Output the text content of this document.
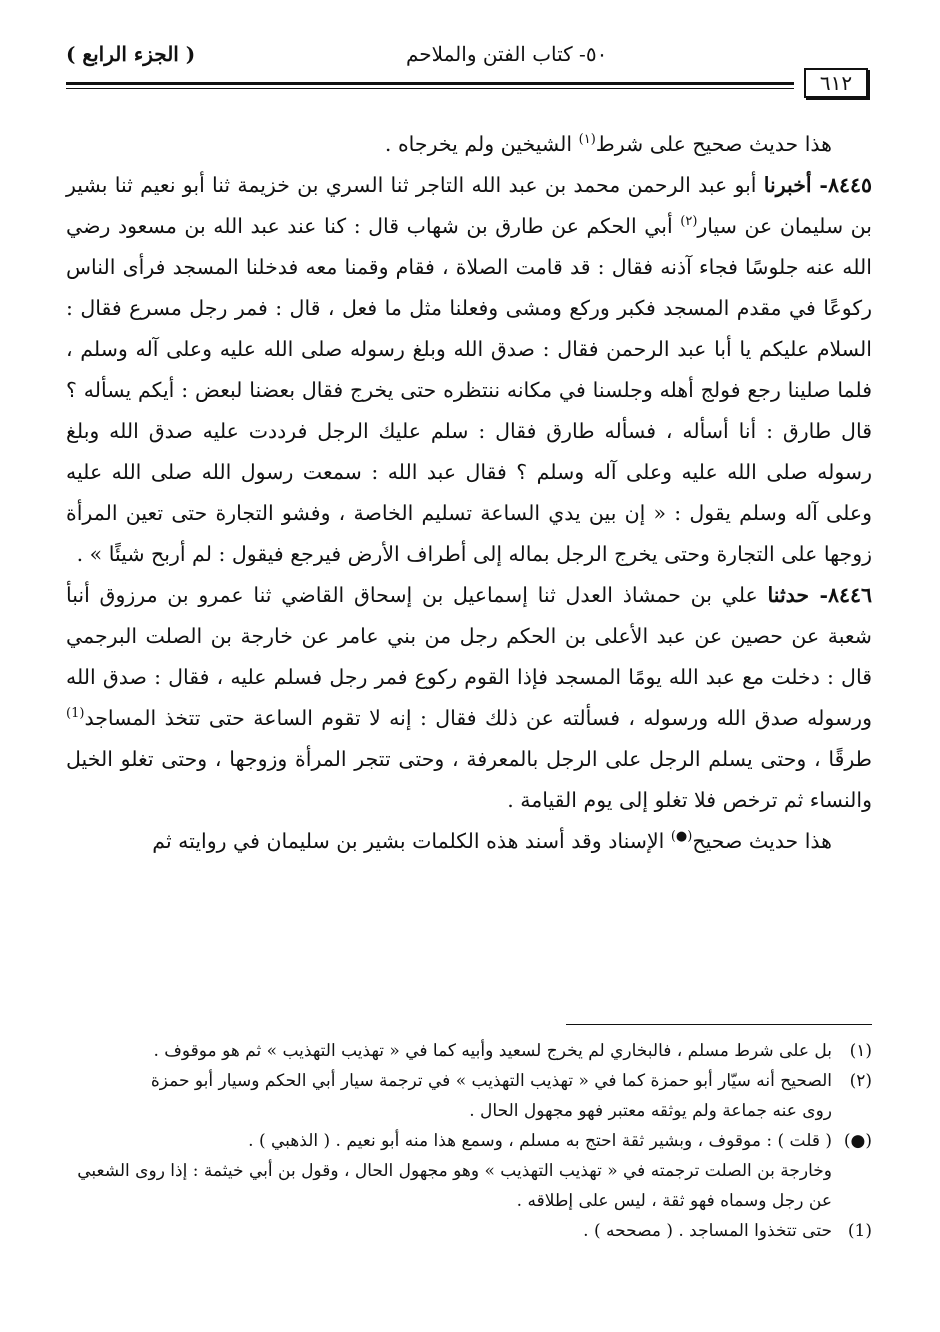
( الجزء الرابع )	٥٠- كتاب الفتن والملاحم
٦١٢

هذا حديث صحيح على شرط$^{(١)}$ الشيخين ولم يخرجاه .

٨٤٤٥- أخبرنا أبو عبد الرحمن محمد بن عبد الله التاجر ثنا السري بن خزيمة ثنا أبو نعيم ثنا بشير بن سليمان عن سيار$^{(٢)}$ أبي الحكم عن طارق بن شهاب قال : كنا عند عبد الله بن مسعود رضي الله عنه جلوسًا فجاء آذنه فقال : قد قامت الصلاة ، فقام وقمنا معه فدخلنا المسجد فرأى الناس ركوعًا في مقدم المسجد فكبر وركع ومشى وفعلنا مثل ما فعل ، قال : فمر رجل مسرع فقال : السلام عليكم يا أبا عبد الرحمن فقال : صدق الله وبلغ رسوله صلى الله عليه وعلى آله وسلم ، فلما صلينا رجع فولج أهله وجلسنا في مكانه ننتظره حتى يخرج فقال بعضنا لبعض : أيكم يسأله ؟ قال طارق : أنا أسأله ، فسأله طارق فقال : سلم عليك الرجل فرددت عليه صدق الله وبلغ رسوله صلى الله عليه وعلى آله وسلم ؟ فقال عبد الله : سمعت رسول الله صلى الله عليه وعلى آله وسلم يقول : « إن بين يدي الساعة تسليم الخاصة ، وفشو التجارة حتى تعين المرأة زوجها على التجارة وحتى يخرج الرجل بماله إلى أطراف الأرض فيرجع فيقول : لم أربح شيئًا » .

٨٤٤٦- حدثنا علي بن حمشاذ العدل ثنا إسماعيل بن إسحاق القاضي ثنا عمرو بن مرزوق أنبأ شعبة عن حصين عن عبد الأعلى بن الحكم رجل من بني عامر عن خارجة بن الصلت البرجمي قال : دخلت مع عبد الله يومًا المسجد فإذا القوم ركوع فمر رجل فسلم عليه ، فقال : صدق الله ورسوله صدق الله ورسوله ، فسألته عن ذلك فقال : إنه لا تقوم الساعة حتى تتخذ المساجد$^{(1)}$ طرقًا ، وحتى يسلم الرجل على الرجل بالمعرفة ، وحتى تتجر المرأة وزوجها ، وحتى تغلو الخيل والنساء ثم ترخص فلا تغلو إلى يوم القيامة .

هذا حديث صحيح(●) الإسناد وقد أسند هذه الكلمات بشير بن سليمان في روايته ثم

(١)
بل على شرط مسلم ، فالبخاري لم يخرج لسعيد وأبيه كما في « تهذيب التهذيب » ثم هو موقوف .
(٢)
الصحيح أنه سيّار أبو حمزة كما في « تهذيب التهذيب » في ترجمة سيار أبي الحكم وسيار أبو حمزة
روى عنه جماعة ولم يوثقه معتبر فهو مجهول الحال .
(●)
( قلت ) : موقوف ، وبشير ثقة احتج به مسلم ، وسمع هذا منه أبو نعيم . ( الذهبي ) .
وخارجة بن الصلت ترجمته في « تهذيب التهذيب » وهو مجهول الحال ، وقول بن أبي خيثمة : إذا روى الشعبي عن رجل وسماه فهو ثقة ، ليس على إطلاقه .
(1)
حتى تتخذوا المساجد . ( مصححه ) .
